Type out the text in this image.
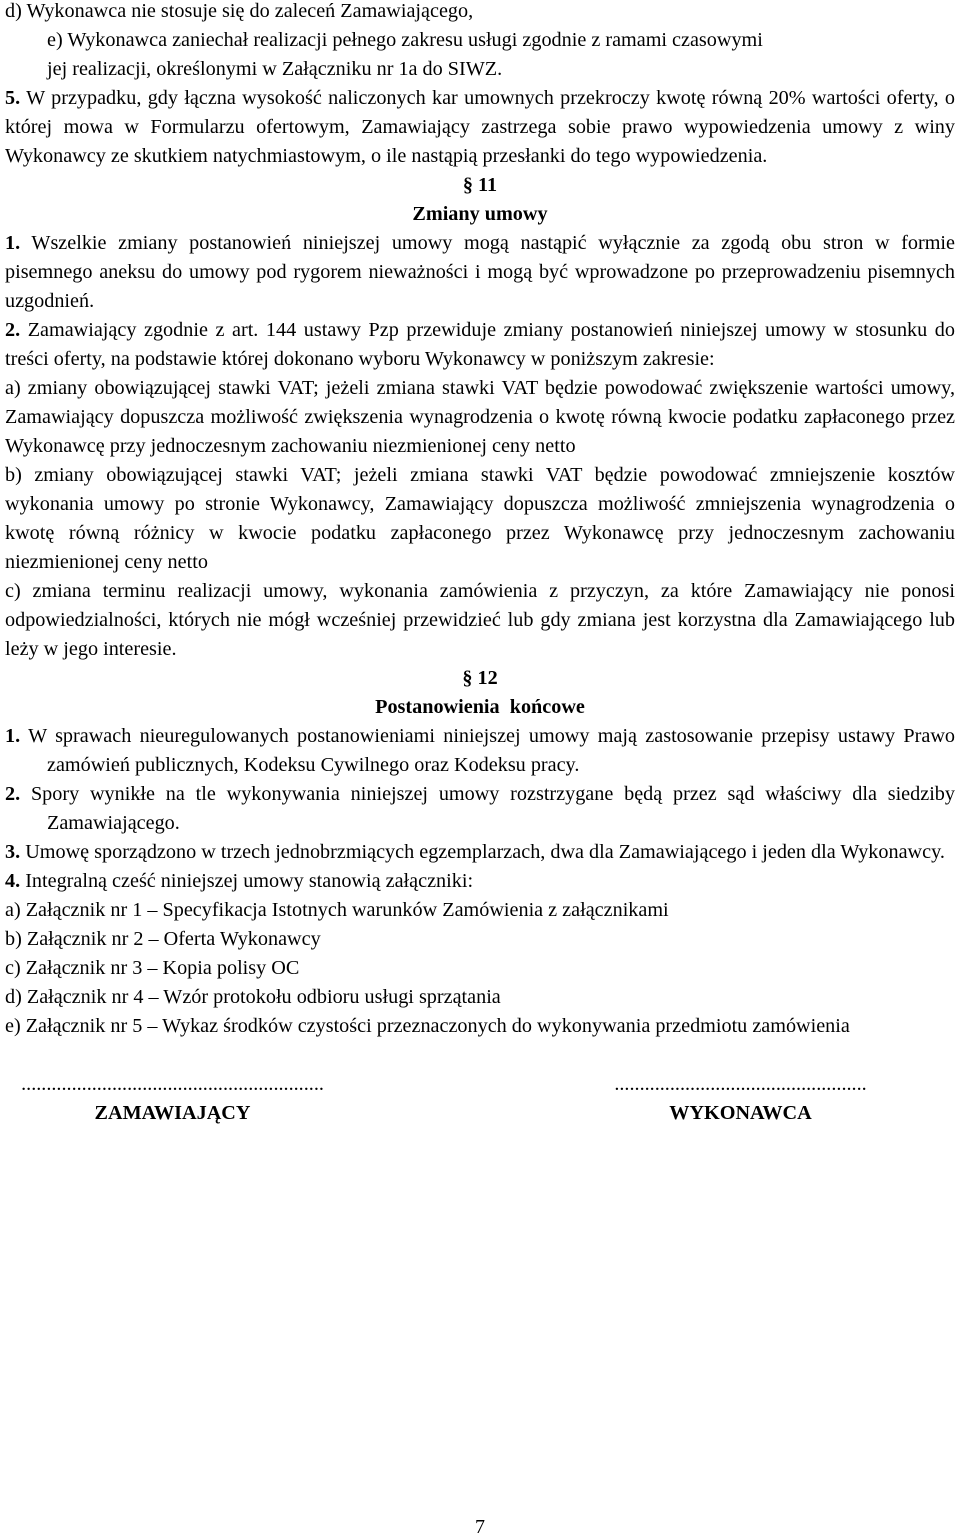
d) Wykonawca nie stosuje się do zaleceń Zamawiającego,

e) Wykonawca zaniechał realizacji pełnego zakresu usługi zgodnie z ramami czasowymi

jej realizacji, określonymi w Załączniku nr 1a do SIWZ.

5. W przypadku, gdy łączna wysokość naliczonych kar umownych przekroczy kwotę równą 20% wartości oferty, o której mowa w Formularzu ofertowym, Zamawiający zastrzega sobie prawo wypowiedzenia umowy z winy Wykonawcy ze skutkiem natychmiastowym, o ile nastąpią przesłanki do tego wypowiedzenia.

§ 11

Zmiany umowy

1. Wszelkie zmiany postanowień niniejszej umowy mogą nastąpić wyłącznie za zgodą obu stron w formie pisemnego aneksu do umowy pod rygorem nieważności i mogą być wprowadzone po przeprowadzeniu pisemnych uzgodnień.

2. Zamawiający zgodnie z art. 144 ustawy Pzp przewiduje zmiany postanowień niniejszej umowy w stosunku do treści oferty, na podstawie której dokonano wyboru Wykonawcy w poniższym zakresie:

a) zmiany obowiązującej stawki VAT; jeżeli zmiana stawki VAT będzie powodować zwiększenie wartości umowy, Zamawiający dopuszcza możliwość zwiększenia wynagrodzenia o kwotę równą kwocie podatku zapłaconego przez Wykonawcę przy jednoczesnym zachowaniu niezmienionej ceny netto

b) zmiany obowiązującej stawki VAT; jeżeli zmiana stawki VAT będzie powodować zmniejszenie kosztów wykonania umowy po stronie Wykonawcy, Zamawiający dopuszcza możliwość zmniejszenia wynagrodzenia o kwotę równą różnicy w kwocie podatku zapłaconego przez Wykonawcę przy jednoczesnym zachowaniu niezmienionej ceny netto

c) zmiana terminu realizacji umowy, wykonania zamówienia z przyczyn, za które Zamawiający nie ponosi odpowiedzialności, których nie mógł wcześniej przewidzieć lub gdy zmiana jest korzystna dla Zamawiającego lub leży w jego interesie.

§ 12

Postanowienia  końcowe

1. W sprawach nieuregulowanych postanowieniami niniejszej umowy mają zastosowanie przepisy ustawy Prawo zamówień publicznych, Kodeksu Cywilnego oraz Kodeksu pracy.

2. Spory wynikłe na tle wykonywania niniejszej umowy rozstrzygane będą przez sąd właściwy dla siedziby Zamawiającego.

3. Umowę sporządzono w trzech jednobrzmiących egzemplarzach, dwa dla Zamawiającego i jeden dla Wykonawcy.

4. Integralną cześć niniejszej umowy stanowią załączniki:

a) Załącznik nr 1 – Specyfikacja Istotnych warunków Zamówienia z załącznikami

b) Załącznik nr 2 – Oferta Wykonawcy

c) Załącznik nr 3 – Kopia polisy OC

d) Załącznik nr 4 – Wzór protokołu odbioru usługi sprzątania

e) Załącznik nr 5 – Wykaz środków czystości przeznaczonych do wykonywania przedmiotu zamówienia

............................................................
ZAMAWIAJĄCY
..................................................
WYKONAWCA
7
